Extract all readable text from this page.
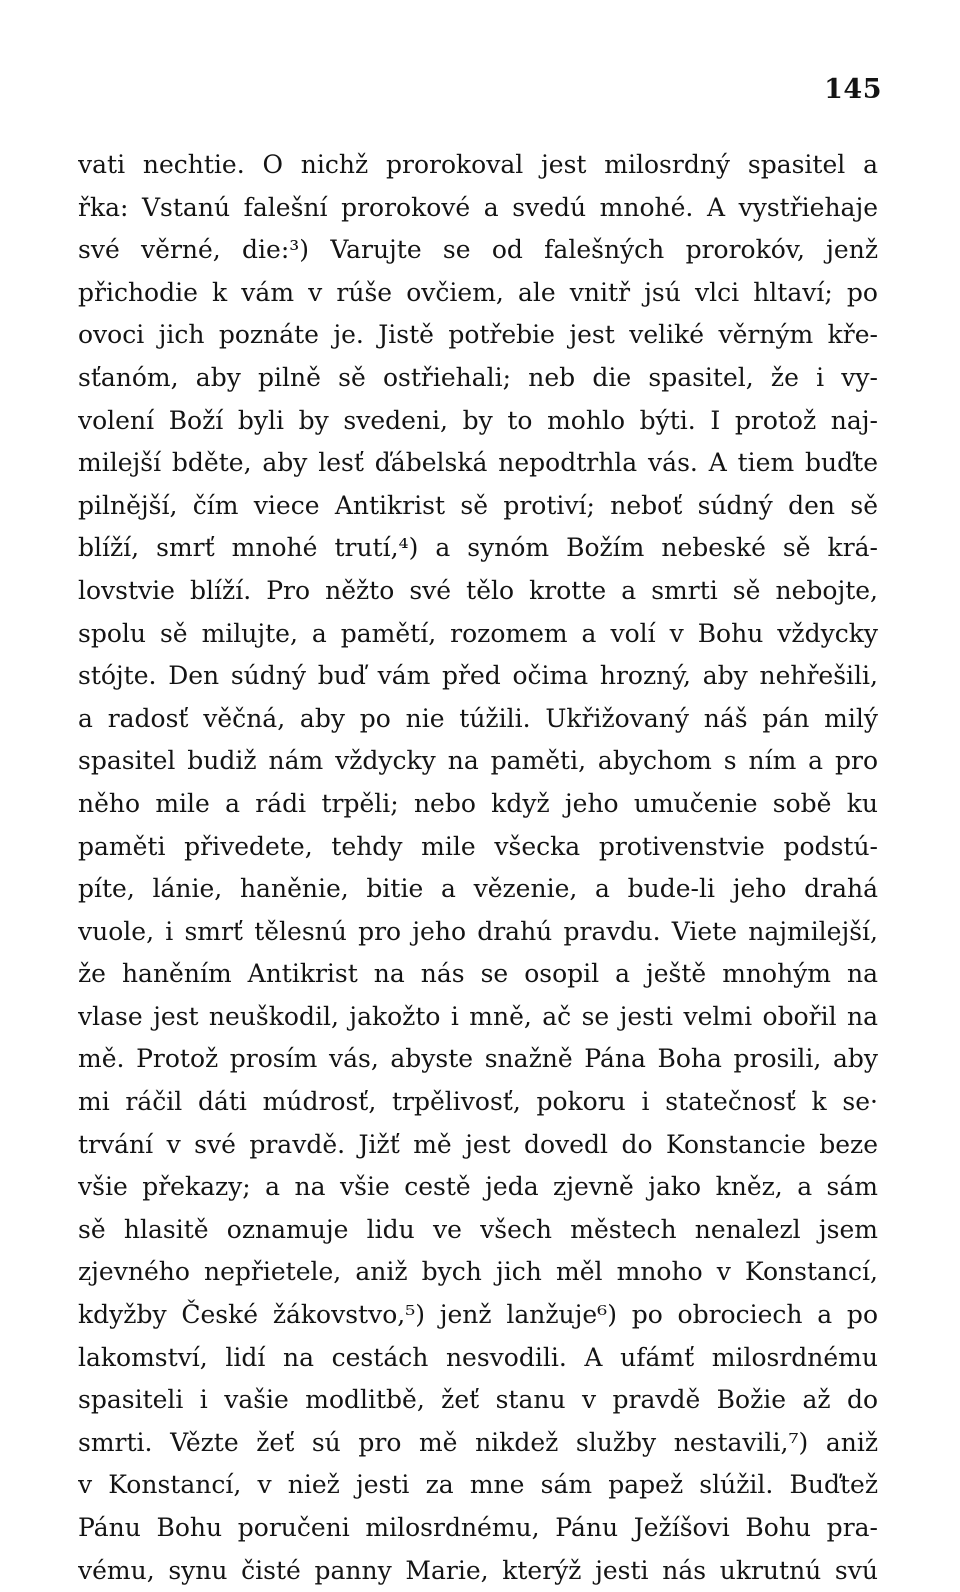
145
vati nechtie. O nichž prorokoval jest milosrdný spasitel a
řka: Vstanú falešní prorokové a svedú mnohé. A vystřiehaje
své věrné, die:³) Varujte se od falešných prorokóv, jenž
přichodie k vám v rúše ovčiem, ale vnitř jsú vlci hltaví; po
ovoci jich poznáte je. Jistě potřebie jest veliké věrným kře-
sťanóm, aby pilně sě ostřiehali; neb die spasitel, že i vy-
volení Boží byli by svedeni, by to mohlo býti. I protož naj-
milejší bděte, aby lesť ďábelská nepodtrhla vás. A tiem buďte
pilnější, čím viece Antikrist sě protiví; neboť súdný den sě
blíží, smrť mnohé trutí,⁴) a synóm Božím nebeské sě krá-
lovstvie blíží. Pro něžto své tělo krotte a smrti sě nebojte,
spolu sě milujte, a pamětí, rozomem a volí v Bohu vždycky
stójte. Den súdný buď vám před očima hrozný, aby nehřešili,
a radosť věčná, aby po nie túžili. Ukřižovaný náš pán milý
spasitel budiž nám vždycky na paměti, abychom s ním a pro
něho mile a rádi trpěli; nebo když jeho umučenie sobě ku
paměti přivedete, tehdy mile všecka protivenstvie podstú-
píte, lánie, haněnie, bitie a vězenie, a bude-li jeho drahá
vuole, i smrť tělesnú pro jeho drahú pravdu. Viete najmilejší,
že haněním Antikrist na nás se osopil a ještě mnohým na
vlase jest neuškodil, jakožto i mně, ač se jesti velmi obořil na
mě. Protož prosím vás, abyste snažně Pána Boha prosili, aby
mi ráčil dáti múdrosť, trpělivosť, pokoru i statečnosť k se·
trvání v své pravdě. Jižť mě jest dovedl do Konstancie beze
všie překazy; a na všie cestě jeda zjevně jako kněz, a sám
sě hlasitě oznamuje lidu ve všech městech nenalezl jsem
zjevného nepřietele, aniž bych jich měl mnoho v Konstancí,
kdyžby České žákovstvo,⁵) jenž lanžuje⁶) po obrociech a po
lakomství, lidí na cestách nesvodili. A ufámť milosrdnému
spasiteli i vašie modlitbě, žeť stanu v pravdě Božie až do
smrti. Vězte žeť sú pro mě nikdež služby nestavili,⁷) aniž
v Konstancí, v niež jesti za mne sám papež slúžil. Buďtež
Pánu Bohu poručeni milosrdnému, Pánu Ježíšovi Bohu pra-
vému, synu čisté panny Marie, kterýž jesti nás ukrutnú svú
